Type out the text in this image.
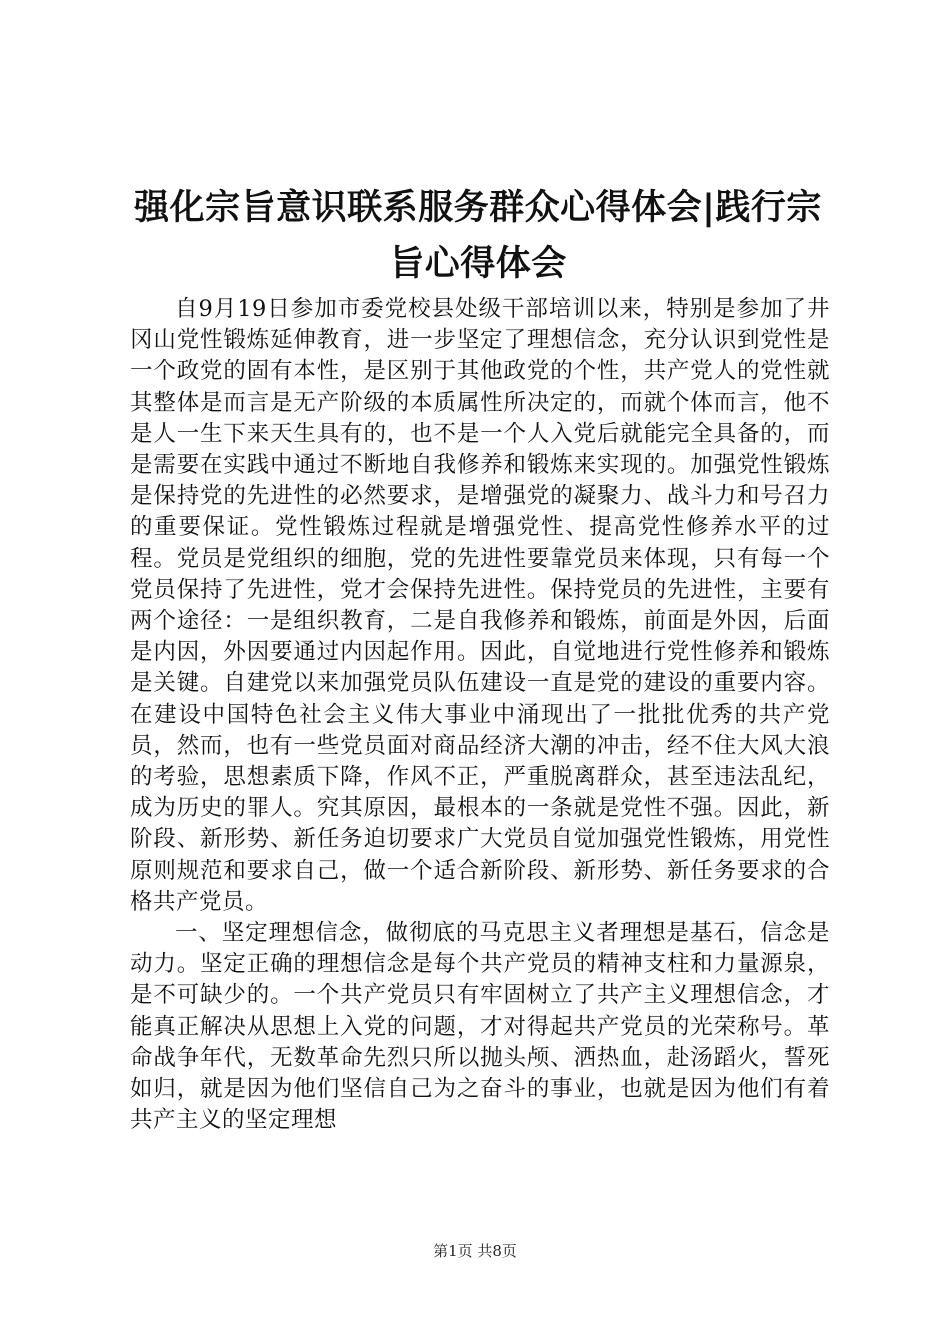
强化宗旨意识联系服务群众心得体会|践行宗旨心得体会

自9月19日参加市委党校县处级干部培训以来，特别是参加了井冈山党性锻炼延伸教育，进一步坚定了理想信念，充分认识到党性是一个政党的固有本性，是区别于其他政党的个性，共产党人的党性就其整体是而言是无产阶级的本质属性所决定的，而就个体而言，他不是人一生下来天生具有的，也不是一个人入党后就能完全具备的，而是需要在实践中通过不断地自我修养和锻炼来实现的。加强党性锻炼是保持党的先进性的必然要求，是增强党的凝聚力、战斗力和号召力的重要保证。党性锻炼过程就是增强党性、提高党性修养水平的过程。党员是党组织的细胞，党的先进性要靠党员来体现，只有每一个党员保持了先进性，党才会保持先进性。保持党员的先进性，主要有两个途径：一是组织教育，二是自我修养和锻炼，前面是外因，后面是内因，外因要通过内因起作用。因此，自觉地进行党性修养和锻炼是关键。自建党以来加强党员队伍建设一直是党的建设的重要内容。在建设中国特色社会主义伟大事业中涌现出了一批批优秀的共产党员，然而，也有一些党员面对商品经济大潮的冲击，经不住大风大浪的考验，思想素质下降，作风不正，严重脱离群众，甚至违法乱纪，成为历史的罪人。究其原因，最根本的一条就是党性不强。因此，新阶段、新形势、新任务迫切要求广大党员自觉加强党性锻炼，用党性原则规范和要求自己，做一个适合新阶段、新形势、新任务要求的合格共产党员。

一、坚定理想信念，做彻底的马克思主义者理想是基石，信念是动力。坚定正确的理想信念是每个共产党员的精神支柱和力量源泉，是不可缺少的。一个共产党员只有牢固树立了共产主义理想信念，才能真正解决从思想上入党的问题，才对得起共产党员的光荣称号。革命战争年代，无数革命先烈只所以抛头颅、洒热血，赴汤蹈火，誓死如归，就是因为他们坚信自己为之奋斗的事业，也就是因为他们有着共产主义的坚定理想

第1页 共8页
